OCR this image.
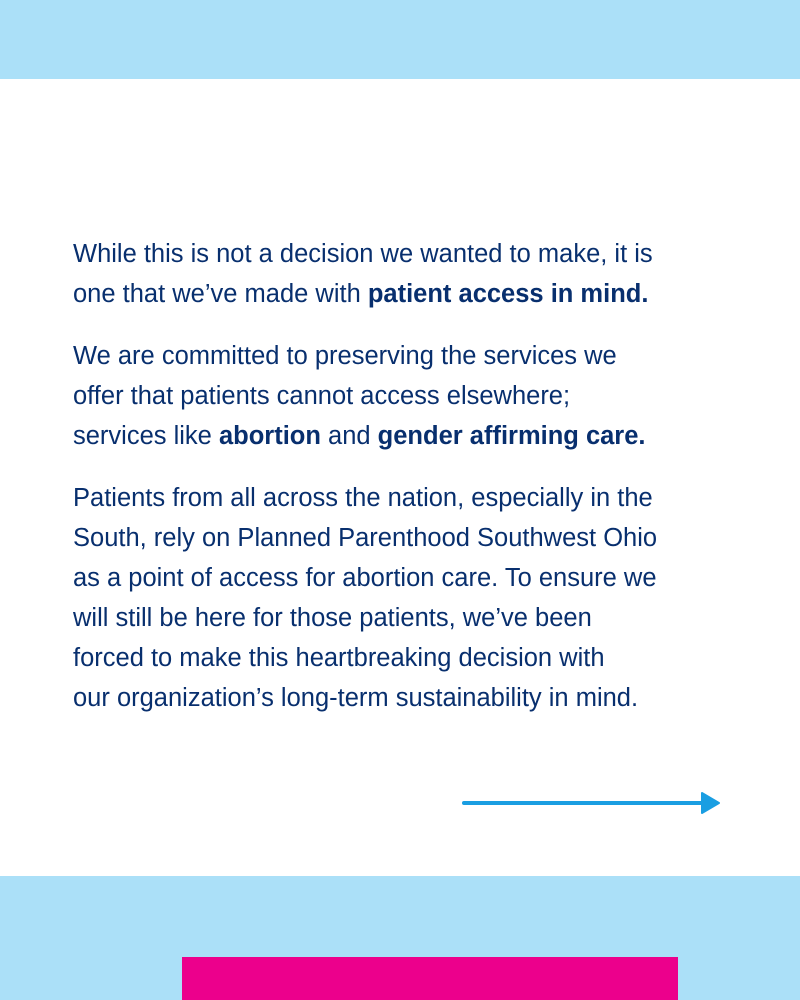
While this is not a decision we wanted to make, it is
one that we’ve made with patient access in mind.

We are committed to preserving the services we
offer that patients cannot access elsewhere;
services like abortion and gender affirming care.

Patients from all across the nation, especially in the
South, rely on Planned Parenthood Southwest Ohio
as a point of access for abortion care. To ensure we
will still be here for those patients, we’ve been
forced to make this heartbreaking decision with
our organization’s long-term sustainability in mind.
